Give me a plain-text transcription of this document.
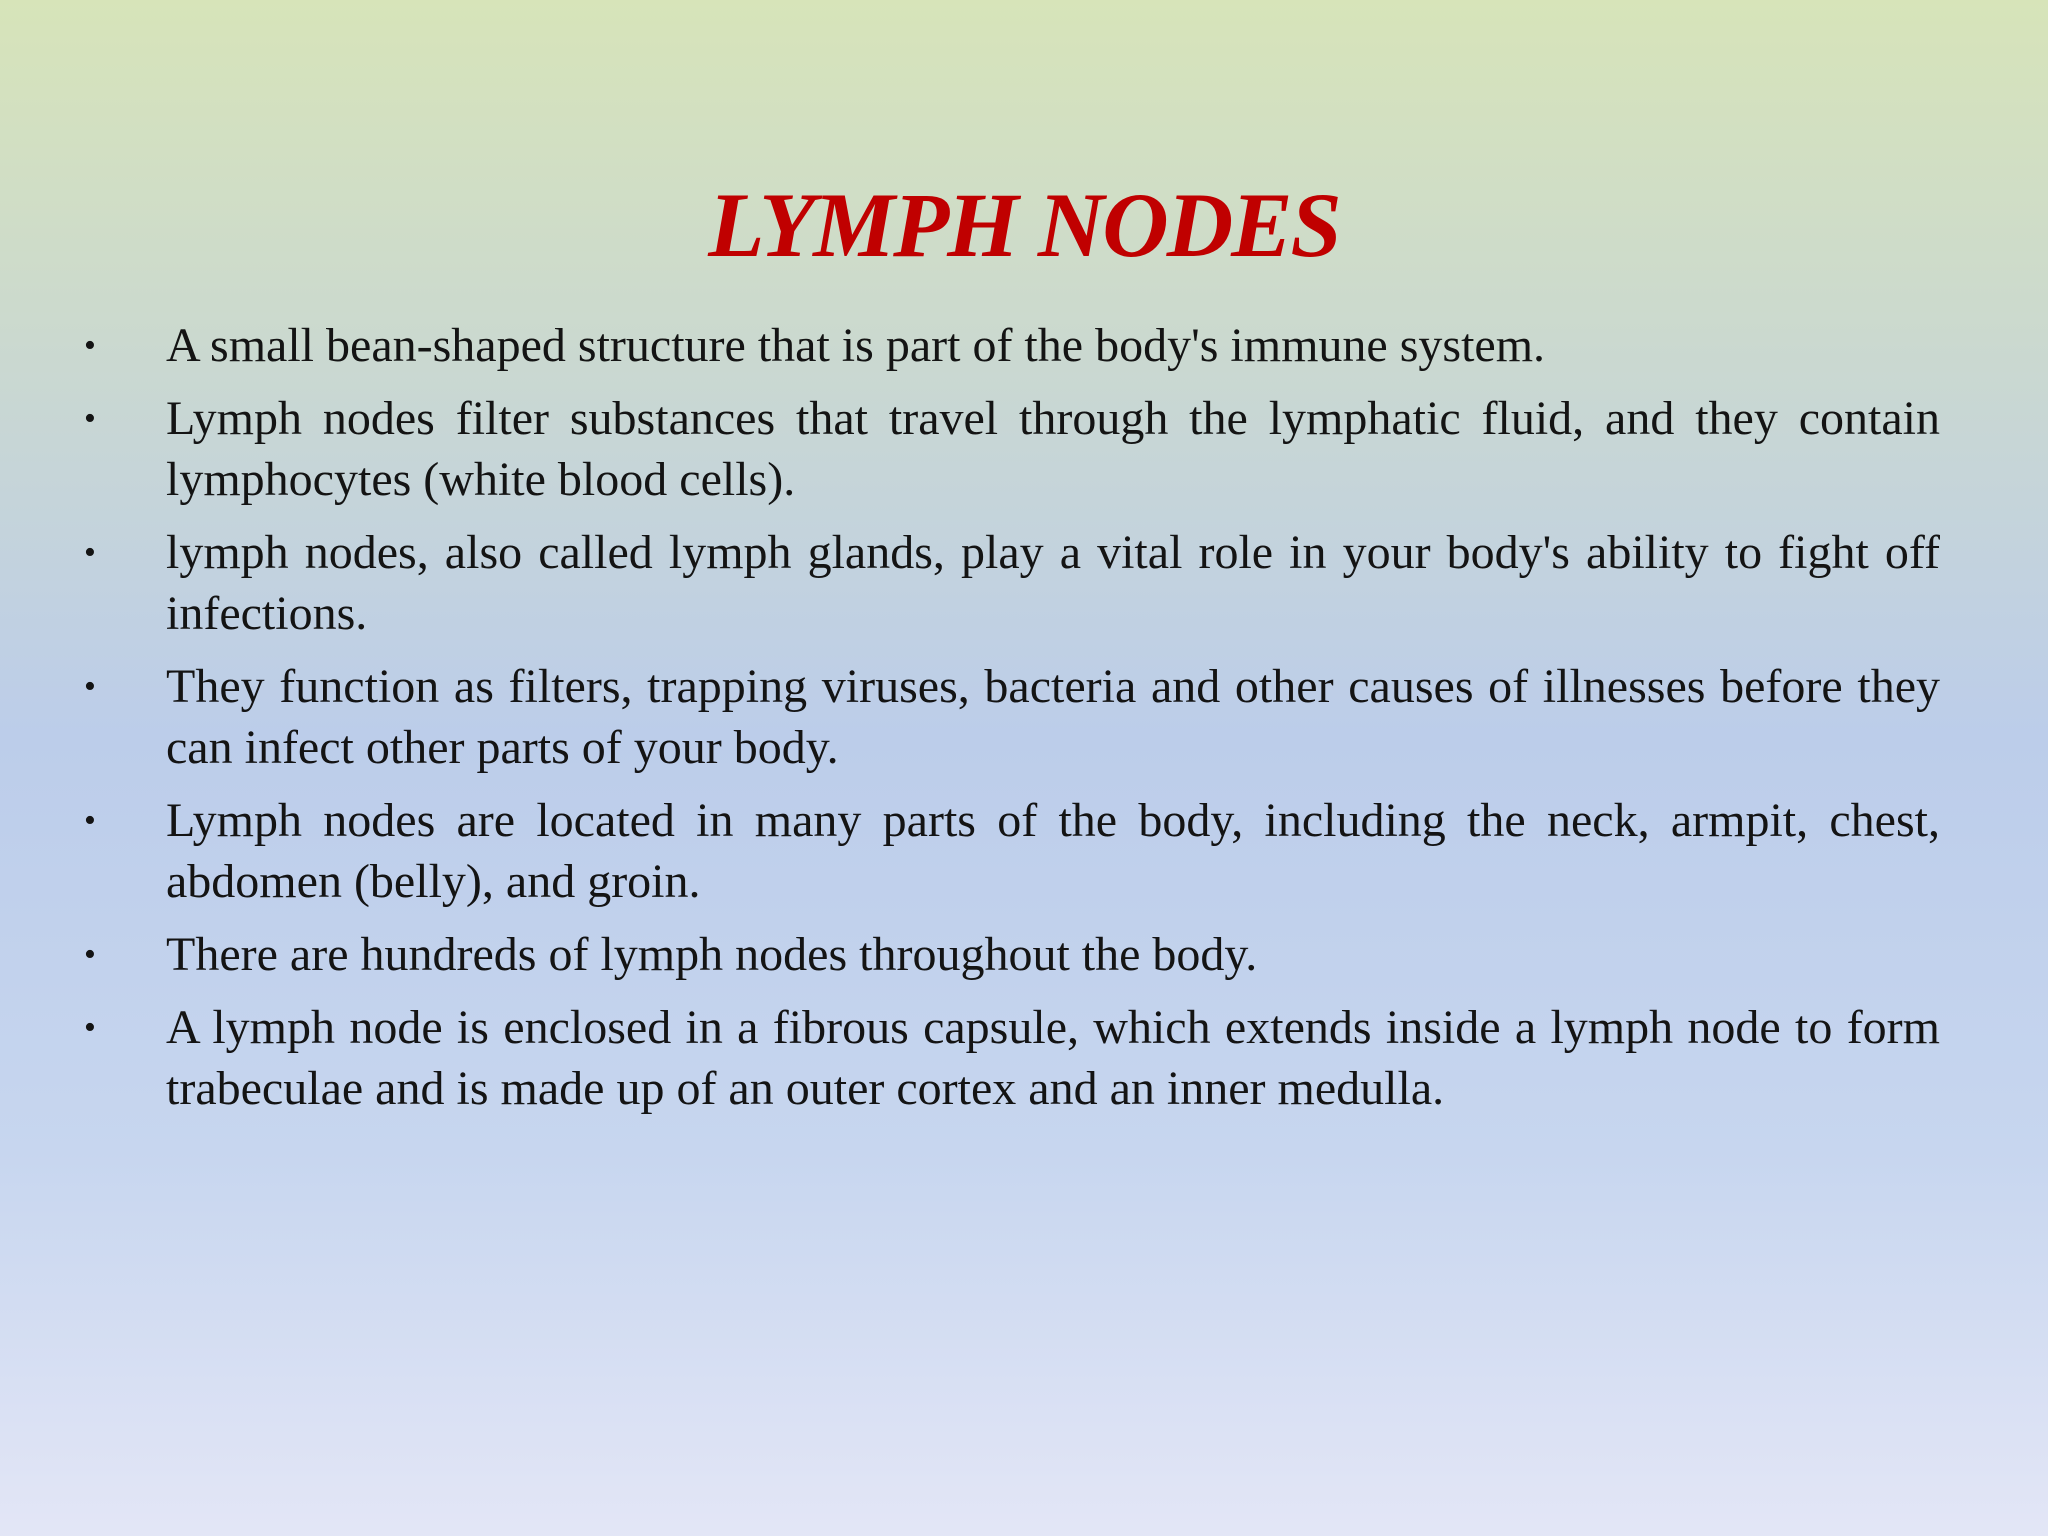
LYMPH NODES
• A small bean-shaped structure that is part of the body's immune system.
• Lymph nodes filter substances that travel through the lymphatic fluid, and they contain lymphocytes (white blood cells).
• lymph nodes, also called lymph glands, play a vital role in your body's ability to fight off infections.
• They function as filters, trapping viruses, bacteria and other causes of illnesses before they can infect other parts of your body.
• Lymph nodes are located in many parts of the body, including the neck, armpit, chest, abdomen (belly), and groin.
• There are hundreds of lymph nodes throughout the body.
• A lymph node is enclosed in a fibrous capsule, which extends inside a lymph node to form trabeculae and is made up of an outer cortex and an inner medulla.
